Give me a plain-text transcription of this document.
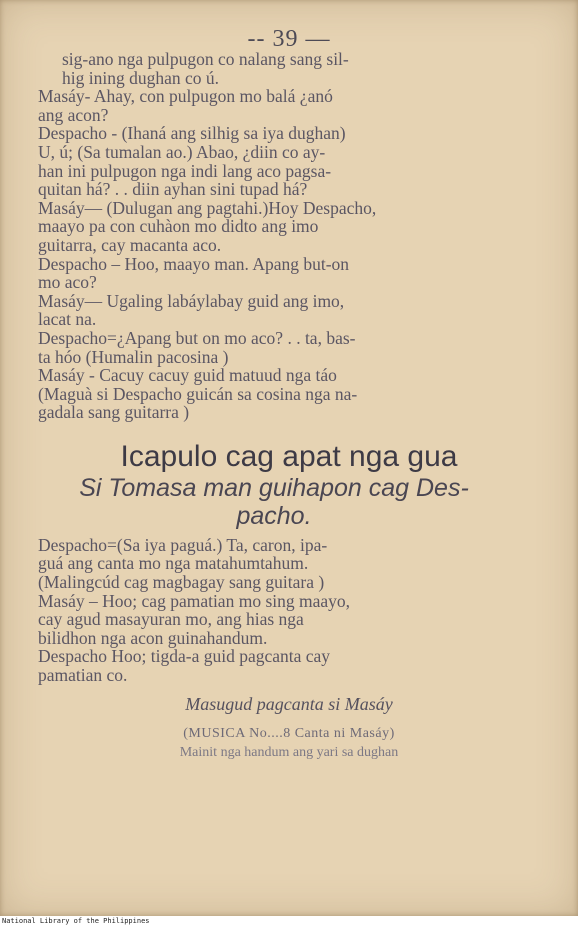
-- 39 —
sig-ano nga pulpugon co nalang sang sil-
hig ining dughan co ú.
Masáy- Ahay, con pulpugon mo balá ¿anó
ang acon?
Despacho - (Ihaná ang silhig sa iya dughan)
U, ú; (Sa tumalan ao.) Abao, ¿diin co ay-
han ini pulpugon nga indi lang aco pagsa-
quitan há? . . diin ayhan sini tupad há?
Masáy— (Dulugan ang pagtahi.)Hoy Despacho,
maayo pa con cuhàon mo didto ang imo
guitarra, cay macanta aco.
Despacho – Hoo, maayo man. Apang but-on
mo aco?
Masáy— Ugaling labáylabay guid ang imo,
lacat na.
Despacho=¿Apang but on mo aco? . . ta, bas-
ta hóo (Humalin pacosina )
Masáy - Cacuy cacuy guid matuud nga táo
(Maguà si Despacho guicán sa cosina nga na-
gadala sang guitarra )
Icapulo cag apat nga gua
Si Tomasa man guihapon cag Des-
pacho.
Despacho=(Sa iya paguá.) Ta, caron, ipa-
guá ang canta mo nga matahumtahum.
(Malingcúd cag magbagay sang guitara )
Masáy – Hoo; cag pamatian mo sing maayo,
cay agud masayuran mo, ang hias nga
bilidhon nga acon guinahandum.
Despacho Hoo; tigda-a guid pagcanta cay
pamatian co.
Masugud pagcanta si Masáy
(MUSICA No....8 Canta ni Masáy)
Mainit nga handum ang yari sa dughan
National Library of the Philippines
